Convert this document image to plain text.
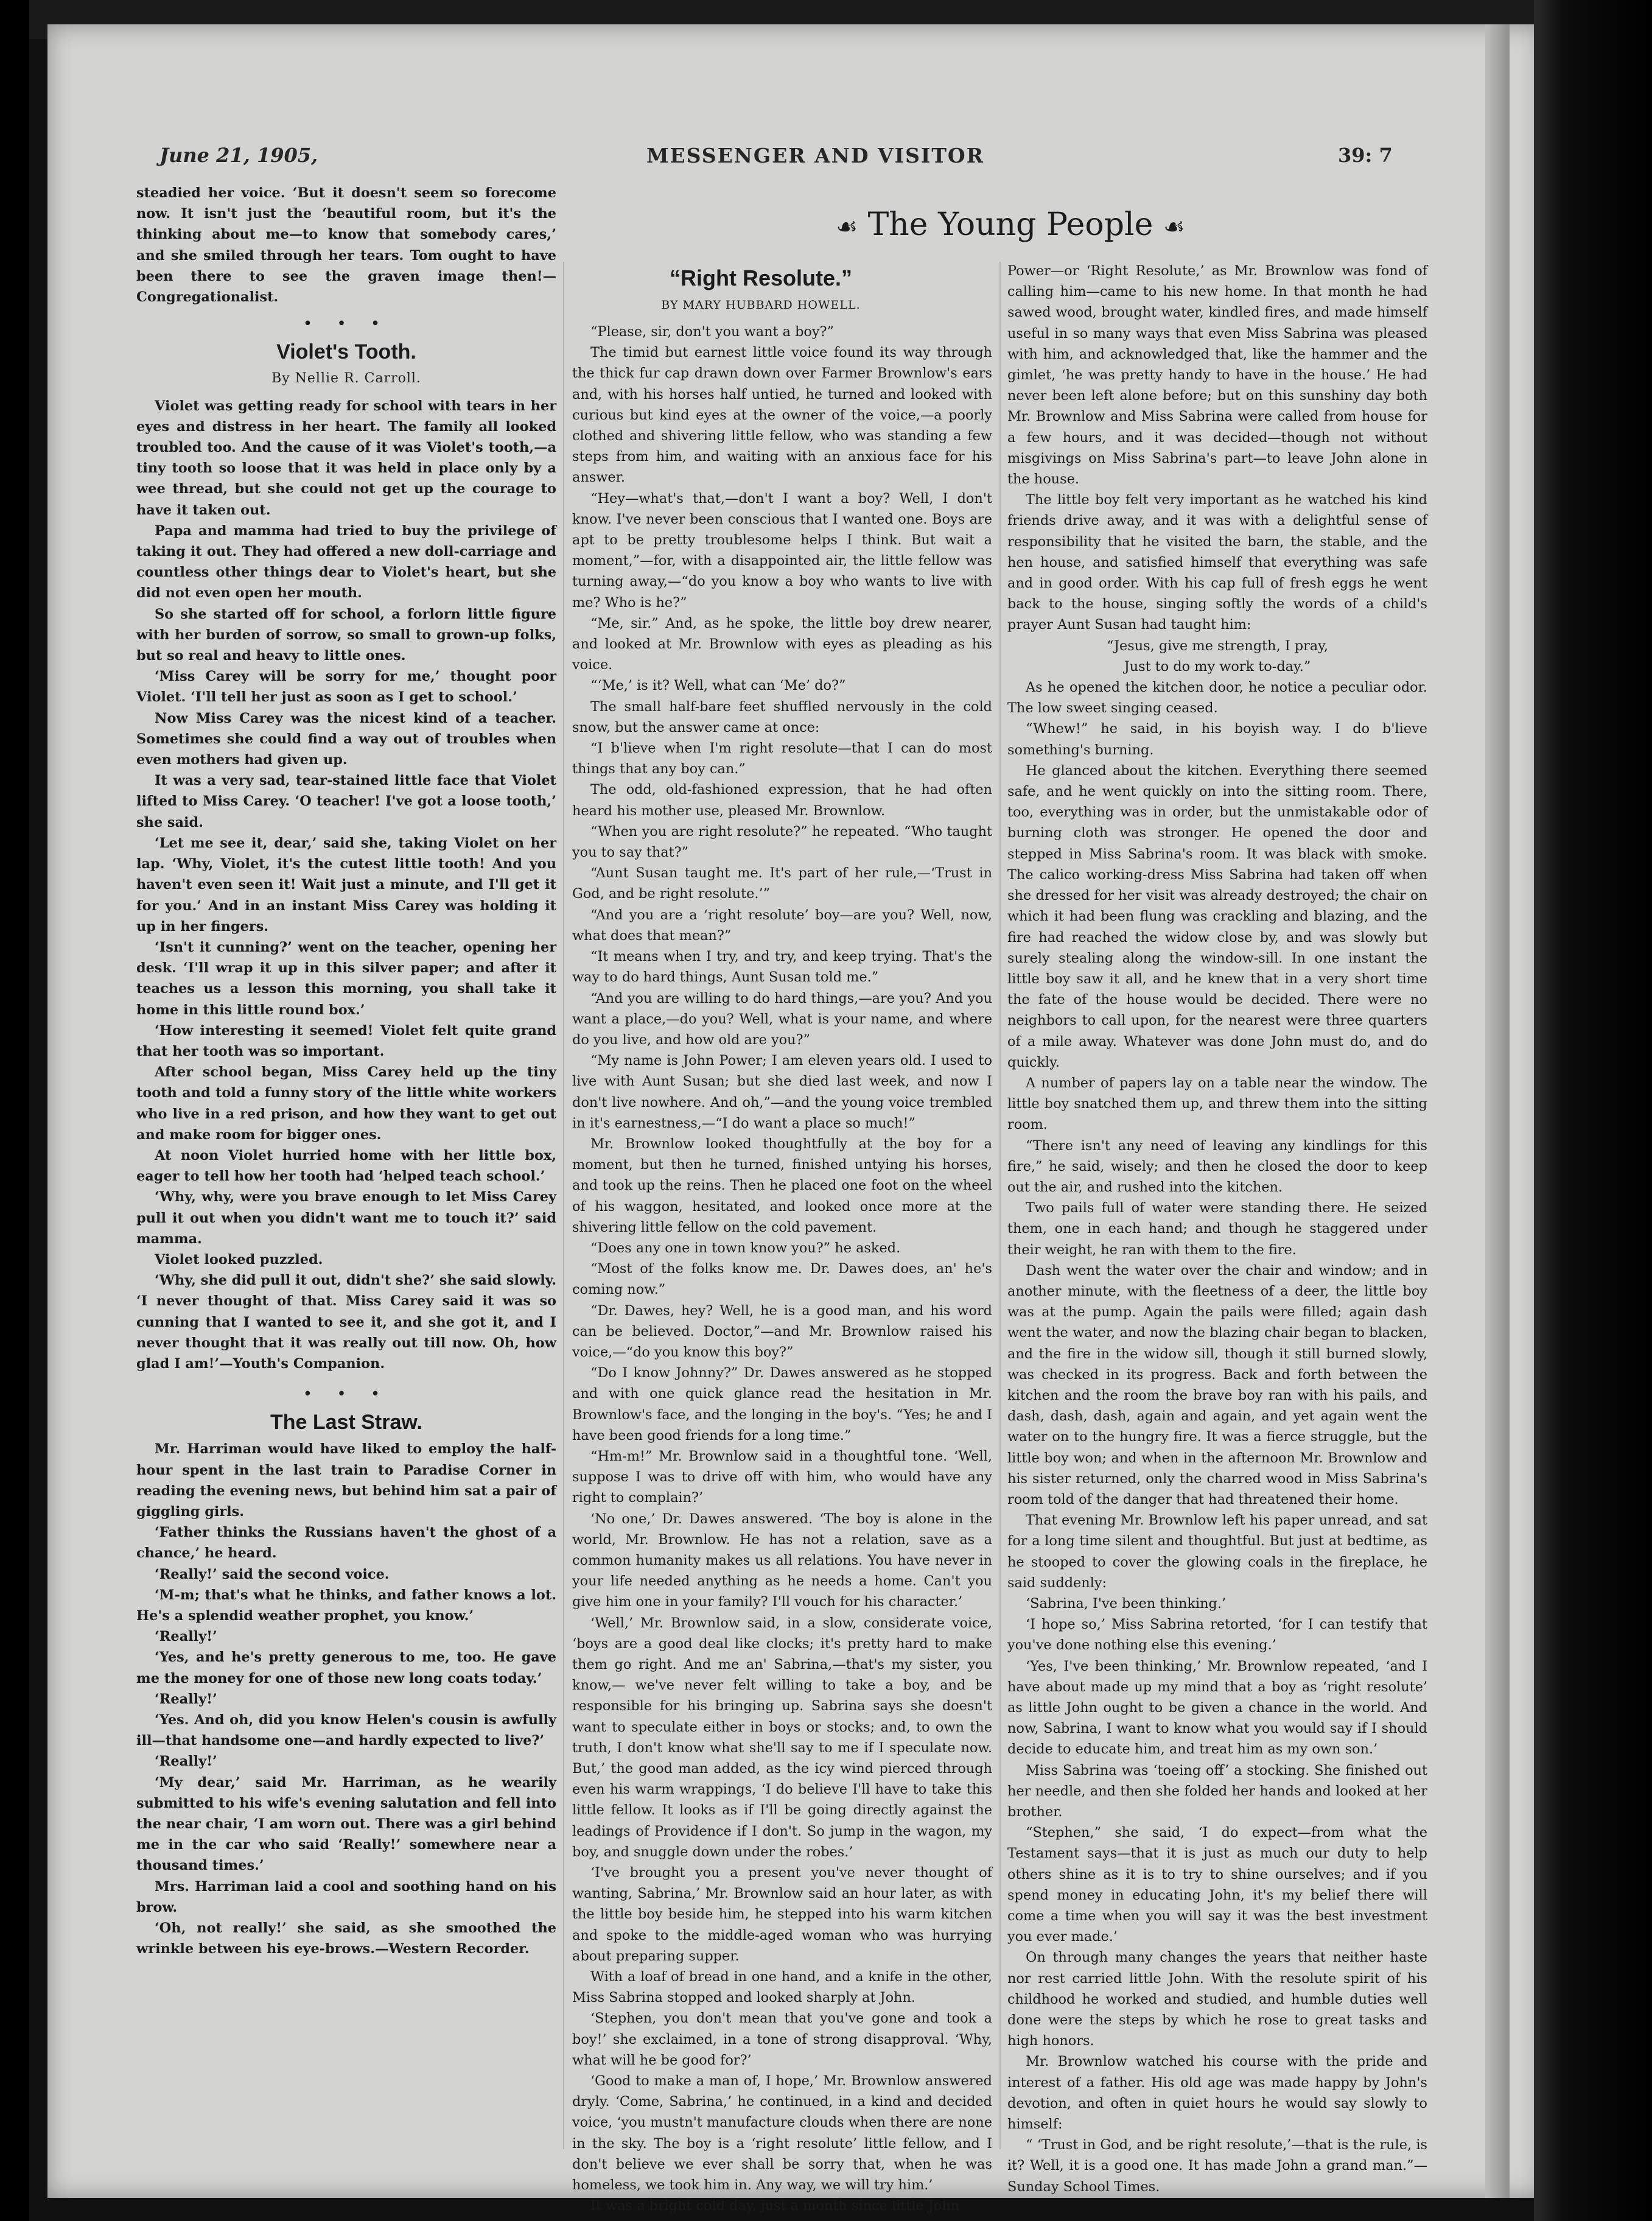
June 21, 1905,	MESSENGER AND VISITOR	39: 7

steadied her voice. ‘But it doesn't seem so forecome now. It isn't just the ‘beautiful room, but it's the thinking about me—to know that somebody cares,’ and she smiled through her tears. Tom ought to have been there to see the graven image then!—Congregationalist.

• • •
Violet's Tooth.
By Nellie R. Carroll.

Violet was getting ready for school with tears in her eyes and distress in her heart. The family all looked troubled too. And the cause of it was Violet's tooth,—a tiny tooth so loose that it was held in place only by a wee thread, but she could not get up the courage to have it taken out.

Papa and mamma had tried to buy the privilege of taking it out. They had offered a new doll-carriage and countless other things dear to Violet's heart, but she did not even open her mouth.

So she started off for school, a forlorn little figure with her burden of sorrow, so small to grown-up folks, but so real and heavy to little ones.

‘Miss Carey will be sorry for me,’ thought poor Violet. ‘I'll tell her just as soon as I get to school.’

Now Miss Carey was the nicest kind of a teacher. Sometimes she could find a way out of troubles when even mothers had given up.

It was a very sad, tear-stained little face that Violet lifted to Miss Carey. ‘O teacher! I've got a loose tooth,’ she said.

‘Let me see it, dear,’ said she, taking Violet on her lap. ‘Why, Violet, it's the cutest little tooth! And you haven't even seen it! Wait just a minute, and I'll get it for you.’ And in an instant Miss Carey was holding it up in her fingers.

‘Isn't it cunning?’ went on the teacher, opening her desk. ‘I'll wrap it up in this silver paper; and after it teaches us a lesson this morning, you shall take it home in this little round box.’

‘How interesting it seemed! Violet felt quite grand that her tooth was so important.

After school began, Miss Carey held up the tiny tooth and told a funny story of the little white workers who live in a red prison, and how they want to get out and make room for bigger ones.

At noon Violet hurried home with her little box, eager to tell how her tooth had ‘helped teach school.’

‘Why, why, were you brave enough to let Miss Carey pull it out when you didn't want me to touch it?’ said mamma.

Violet looked puzzled.

‘Why, she did pull it out, didn't she?’ she said slowly. ‘I never thought of that. Miss Carey said it was so cunning that I wanted to see it, and she got it, and I never thought that it was really out till now. Oh, how glad I am!’—Youth's Companion.

• • •
The Last Straw.

Mr. Harriman would have liked to employ the half-hour spent in the last train to Paradise Corner in reading the evening news, but behind him sat a pair of giggling girls.

‘Father thinks the Russians haven't the ghost of a chance,’ he heard.

‘Really!’ said the second voice.

‘M-m; that's what he thinks, and father knows a lot. He's a splendid weather prophet, you know.’

‘Really!’

‘Yes, and he's pretty generous to me, too. He gave me the money for one of those new long coats today.’

‘Really!’

‘Yes. And oh, did you know Helen's cousin is awfully ill—that handsome one—and hardly expected to live?’

‘Really!’

‘My dear,’ said Mr. Harriman, as he wearily submitted to his wife's evening salutation and fell into the near chair, ‘I am worn out. There was a girl behind me in the car who said ‘Really!’ somewhere near a thousand times.’

Mrs. Harriman laid a cool and soothing hand on his brow.

‘Oh, not really!’ she said, as she smoothed the wrinkle between his eye-brows.—Western Recorder.

☙ The Young People ☙
“Right Resolute.”
BY MARY HUBBARD HOWELL.

“Please, sir, don't you want a boy?”

The timid but earnest little voice found its way through the thick fur cap drawn down over Farmer Brownlow's ears and, with his horses half untied, he turned and looked with curious but kind eyes at the owner of the voice,—a poorly clothed and shivering little fellow, who was standing a few steps from him, and waiting with an anxious face for his answer.

“Hey—what's that,—don't I want a boy? Well, I don't know. I've never been conscious that I wanted one. Boys are apt to be pretty troublesome helps I think. But wait a moment,”—for, with a disappointed air, the little fellow was turning away,—“do you know a boy who wants to live with me? Who is he?”

“Me, sir.” And, as he spoke, the little boy drew nearer, and looked at Mr. Brownlow with eyes as pleading as his voice.

“‘Me,’ is it? Well, what can ‘Me’ do?”

The small half-bare feet shuffled nervously in the cold snow, but the answer came at once:

“I b'lieve when I'm right resolute—that I can do most things that any boy can.”

The odd, old-fashioned expression, that he had often heard his mother use, pleased Mr. Brownlow.

“When you are right resolute?” he repeated. “Who taught you to say that?”

“Aunt Susan taught me. It's part of her rule,—‘Trust in God, and be right resolute.’”

“And you are a ‘right resolute’ boy—are you? Well, now, what does that mean?”

“It means when I try, and try, and keep trying. That's the way to do hard things, Aunt Susan told me.”

“And you are willing to do hard things,—are you? And you want a place,—do you? Well, what is your name, and where do you live, and how old are you?”

“My name is John Power; I am eleven years old. I used to live with Aunt Susan; but she died last week, and now I don't live nowhere. And oh,”—and the young voice trembled in it's earnestness,—“I do want a place so much!”

Mr. Brownlow looked thoughtfully at the boy for a moment, but then he turned, finished untying his horses, and took up the reins. Then he placed one foot on the wheel of his waggon, hesitated, and looked once more at the shivering little fellow on the cold pavement.

“Does any one in town know you?” he asked.

“Most of the folks know me. Dr. Dawes does, an' he's coming now.”

“Dr. Dawes, hey? Well, he is a good man, and his word can be believed. Doctor,”—and Mr. Brownlow raised his voice,—“do you know this boy?”

“Do I know Johnny?” Dr. Dawes answered as he stopped and with one quick glance read the hesitation in Mr. Brownlow's face, and the longing in the boy's. “Yes; he and I have been good friends for a long time.”

“Hm-m!” Mr. Brownlow said in a thoughtful tone. ‘Well, suppose I was to drive off with him, who would have any right to complain?’

‘No one,’ Dr. Dawes answered. ‘The boy is alone in the world, Mr. Brownlow. He has not a relation, save as a common humanity makes us all relations. You have never in your life needed anything as he needs a home. Can't you give him one in your family? I'll vouch for his character.’

‘Well,’ Mr. Brownlow said, in a slow, considerate voice, ‘boys are a good deal like clocks; it's pretty hard to make them go right. And me an' Sabrina,—that's my sister, you know,— we've never felt willing to take a boy, and be responsible for his bringing up. Sabrina says she doesn't want to speculate either in boys or stocks; and, to own the truth, I don't know what she'll say to me if I speculate now. But,’ the good man added, as the icy wind pierced through even his warm wrappings, ‘I do believe I'll have to take this little fellow. It looks as if I'll be going directly against the leadings of Providence if I don't. So jump in the wagon, my boy, and snuggle down under the robes.’

‘I've brought you a present you've never thought of wanting, Sabrina,’ Mr. Brownlow said an hour later, as with the little boy beside him, he stepped into his warm kitchen and spoke to the middle-aged woman who was hurrying about preparing supper.

With a loaf of bread in one hand, and a knife in the other, Miss Sabrina stopped and looked sharply at John.

‘Stephen, you don't mean that you've gone and took a boy!’ she exclaimed, in a tone of strong disapproval. ‘Why, what will he be good for?’

‘Good to make a man of, I hope,’ Mr. Brownlow answered dryly. ‘Come, Sabrina,’ he continued, in a kind and decided voice, ‘you mustn't manufacture clouds when there are none in the sky. The boy is a ‘right resolute’ little fellow, and I don't believe we ever shall be sorry that, when he was homeless, we took him in. Any way, we will try him.’

It was a bright cold day, just a month since little John

Power—or ‘Right Resolute,’ as Mr. Brownlow was fond of calling him—came to his new home. In that month he had sawed wood, brought water, kindled fires, and made himself useful in so many ways that even Miss Sabrina was pleased with him, and acknowledged that, like the hammer and the gimlet, ‘he was pretty handy to have in the house.’ He had never been left alone before; but on this sunshiny day both Mr. Brownlow and Miss Sabrina were called from house for a few hours, and it was decided—though not without misgivings on Miss Sabrina's part—to leave John alone in the house.

The little boy felt very important as he watched his kind friends drive away, and it was with a delightful sense of responsibility that he visited the barn, the stable, and the hen house, and satisfied himself that everything was safe and in good order. With his cap full of fresh eggs he went back to the house, singing softly the words of a child's prayer Aunt Susan had taught him:

“Jesus, give me strength, I pray,

Just to do my work to-day.”

As he opened the kitchen door, he notice a peculiar odor. The low sweet singing ceased.

“Whew!” he said, in his boyish way. I do b'lieve something's burning.

He glanced about the kitchen. Everything there seemed safe, and he went quickly on into the sitting room. There, too, everything was in order, but the unmistakable odor of burning cloth was stronger. He opened the door and stepped in Miss Sabrina's room. It was black with smoke. The calico working-dress Miss Sabrina had taken off when she dressed for her visit was already destroyed; the chair on which it had been flung was crackling and blazing, and the fire had reached the widow close by, and was slowly but surely stealing along the window-sill. In one instant the little boy saw it all, and he knew that in a very short time the fate of the house would be decided. There were no neighbors to call upon, for the nearest were three quarters of a mile away. Whatever was done John must do, and do quickly.

A number of papers lay on a table near the window. The little boy snatched them up, and threw them into the sitting room.

“There isn't any need of leaving any kindlings for this fire,” he said, wisely; and then he closed the door to keep out the air, and rushed into the kitchen.

Two pails full of water were standing there. He seized them, one in each hand; and though he staggered under their weight, he ran with them to the fire.

Dash went the water over the chair and window; and in another minute, with the fleetness of a deer, the little boy was at the pump. Again the pails were filled; again dash went the water, and now the blazing chair began to blacken, and the fire in the widow sill, though it still burned slowly, was checked in its progress. Back and forth between the kitchen and the room the brave boy ran with his pails, and dash, dash, dash, again and again, and yet again went the water on to the hungry fire. It was a fierce struggle, but the little boy won; and when in the afternoon Mr. Brownlow and his sister returned, only the charred wood in Miss Sabrina's room told of the danger that had threatened their home.

That evening Mr. Brownlow left his paper unread, and sat for a long time silent and thoughtful. But just at bedtime, as he stooped to cover the glowing coals in the fireplace, he said suddenly:

‘Sabrina, I've been thinking.’

‘I hope so,’ Miss Sabrina retorted, ‘for I can testify that you've done nothing else this evening.’

‘Yes, I've been thinking,’ Mr. Brownlow repeated, ‘and I have about made up my mind that a boy as ‘right resolute’ as little John ought to be given a chance in the world. And now, Sabrina, I want to know what you would say if I should decide to educate him, and treat him as my own son.’

Miss Sabrina was ‘toeing off’ a stocking. She finished out her needle, and then she folded her hands and looked at her brother.

“Stephen,” she said, ‘I do expect—from what the Testament says—that it is just as much our duty to help others shine as it is to try to shine ourselves; and if you spend money in educating John, it's my belief there will come a time when you will say it was the best investment you ever made.’

On through many changes the years that neither haste nor rest carried little John. With the resolute spirit of his childhood he worked and studied, and humble duties well done were the steps by which he rose to great tasks and high honors.

Mr. Brownlow watched his course with the pride and interest of a father. His old age was made happy by John's devotion, and often in quiet hours he would say slowly to himself:

“ ‘Trust in God, and be right resolute,’—that is the rule, is it? Well, it is a good one. It has made John a grand man.”—Sunday School Times.
